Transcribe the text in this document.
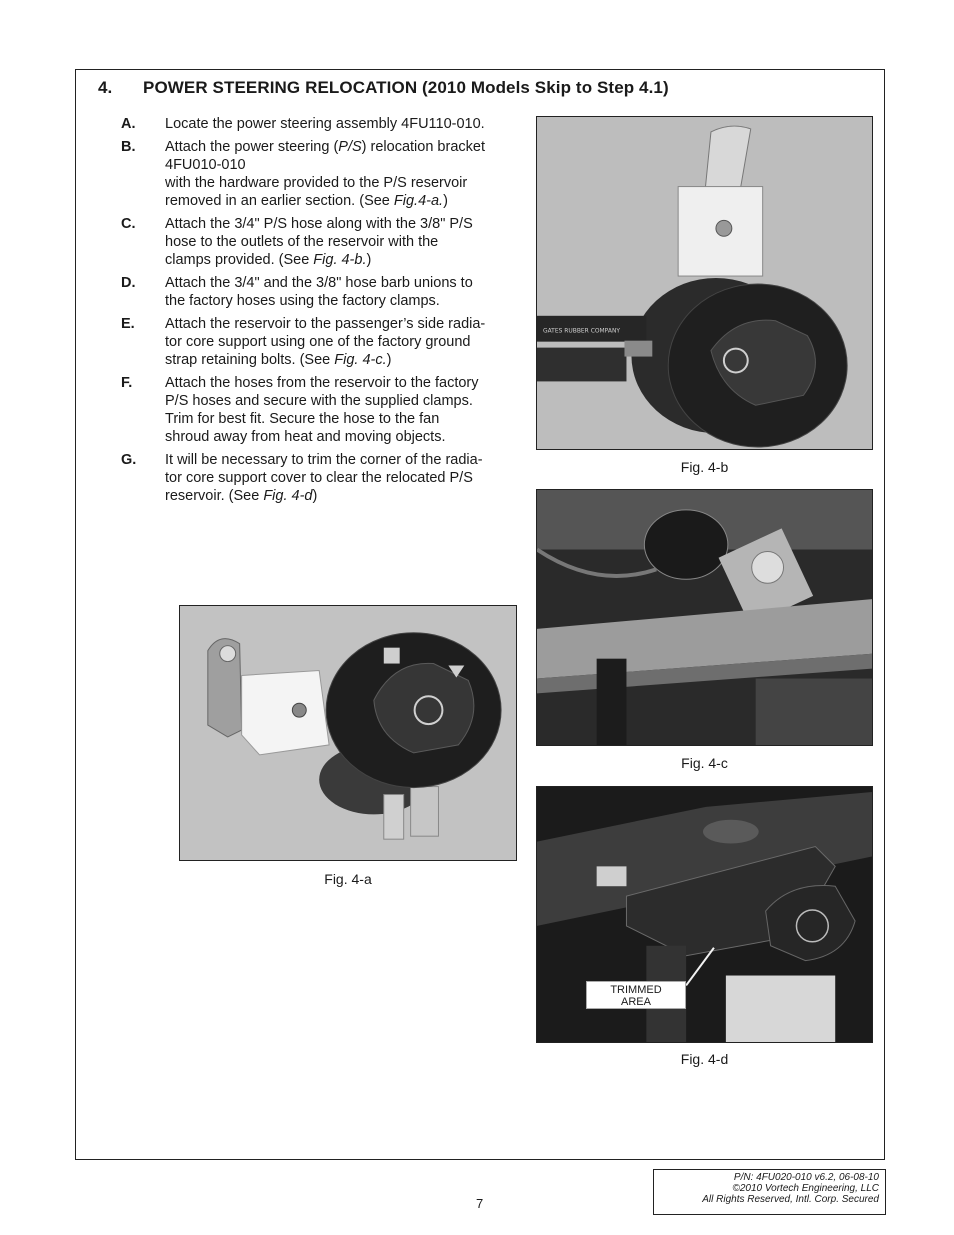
4. POWER STEERING RELOCATION (2010 Models Skip to Step 4.1)
A.	Locate the power steering assembly 4FU110-010.
B.	Attach the power steering (P/S) relocation bracket
4FU010-010
with the hardware provided to the P/S reservoir
removed in an earlier section. (See Fig.4-a.)
C.	Attach the 3/4" P/S hose along with the 3/8" P/S
hose to the outlets of the reservoir with the
clamps provided. (See Fig. 4-b.)
D.	Attach the 3/4" and the 3/8" hose barb unions to
the factory hoses using the factory clamps.
E.	Attach the reservoir to the passenger’s side radia-
tor core support using one of the factory ground
strap retaining bolts. (See Fig. 4-c.)
F.	Attach the hoses from the reservoir to the factory
P/S hoses and secure with the supplied clamps.
Trim for best fit. Secure the hose to the fan
shroud away from heat and moving objects.
G.	It will be necessary to trim the corner of the radia-
tor core support cover to clear the relocated P/S
reservoir. (See Fig. 4-d)
GATES RUBBER COMPANY
Fig. 4-b
Fig. 4-c
TRIMMED
AREA
Fig. 4-d
Fig. 4-a
P/N: 4FU020-010 v6.2, 06-08-10
©2010 Vortech Engineering, LLC
All Rights Reserved, Intl. Corp. Secured
7
